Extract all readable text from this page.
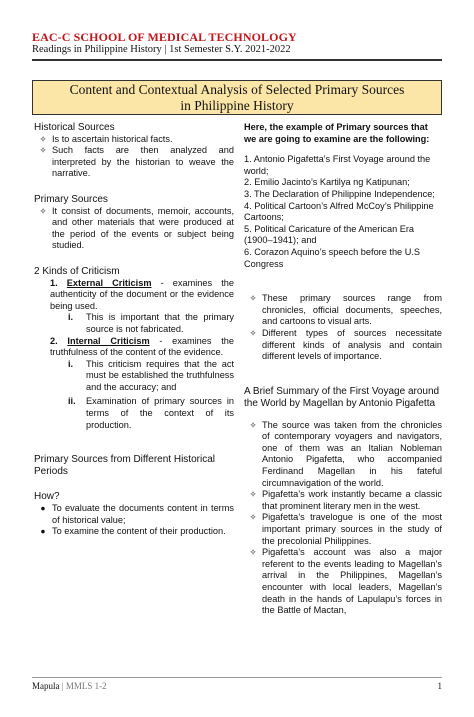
EAC-C SCHOOL OF MEDICAL TECHNOLOGY
Readings in Philippine History | 1st Semester S.Y. 2021-2022
Content and Contextual Analysis of Selected Primary Sources
in Philippine History

Historical Sources

✧ Is to ascertain historical facts.
✧ Such facts are then analyzed and interpreted by the historian to weave the narrative.

Primary Sources

✧ It consist of documents, memoir, accounts, and other materials that were produced at the period of the events or subject being studied.

2 Kinds of Criticism

1. External Criticism - examines the authenticity of the document or the evidence being used.
i.	This is important that the primary source is not fabricated.
2. Internal Criticism - examines the truthfulness of the content of the evidence.
i.	This criticism requires that the act must be established the truthfulness and the accuracy; and
ii.	Examination of primary sources in terms of the context of its production.

Primary Sources from Different Historical Periods

How?

● To evaluate the documents content in terms of historical value;
● To examine the content of their production.

Here, the example of Primary sources that we are going to examine are the following:

1. Antonio Pigafetta’s First Voyage around the world;
2. Emilio Jacinto’s Kartilya ng Katipunan;
3. The Declaration of Philippine Independence;
4. Political Cartoon’s Alfred McCoy’s Philippine Cartoons;
5. Political Caricature of the American Era (1900–1941); and
6. Corazon Aquino’s speech before the U.S Congress
✧ These primary sources range from chronicles, official documents, speeches, and cartoons to visual arts.
✧ Different types of sources necessitate different kinds of analysis and contain different levels of importance.

A Brief Summary of the First Voyage around the World by Magellan by Antonio Pigafetta

✧ The source was taken from the chronicles of contemporary voyagers and navigators, one of them was an Italian Nobleman Antonio Pigafetta, who accompanied Ferdinand Magellan in his fateful circumnavigation of the world.
✧ Pigafetta’s work instantly became a classic that prominent literary men in the west.
✧ Pigafetta’s travelogue is one of the most important primary sources in the study of the precolonial Philippines.
✧ Pigafetta’s account was also a major referent to the events leading to Magellan’s arrival in the Philippines, Magellan’s encounter with local leaders, Magellan’s death in the hands of Lapulapu’s forces in the Battle of Mactan,
Mapula | MMLS 1-2	1
